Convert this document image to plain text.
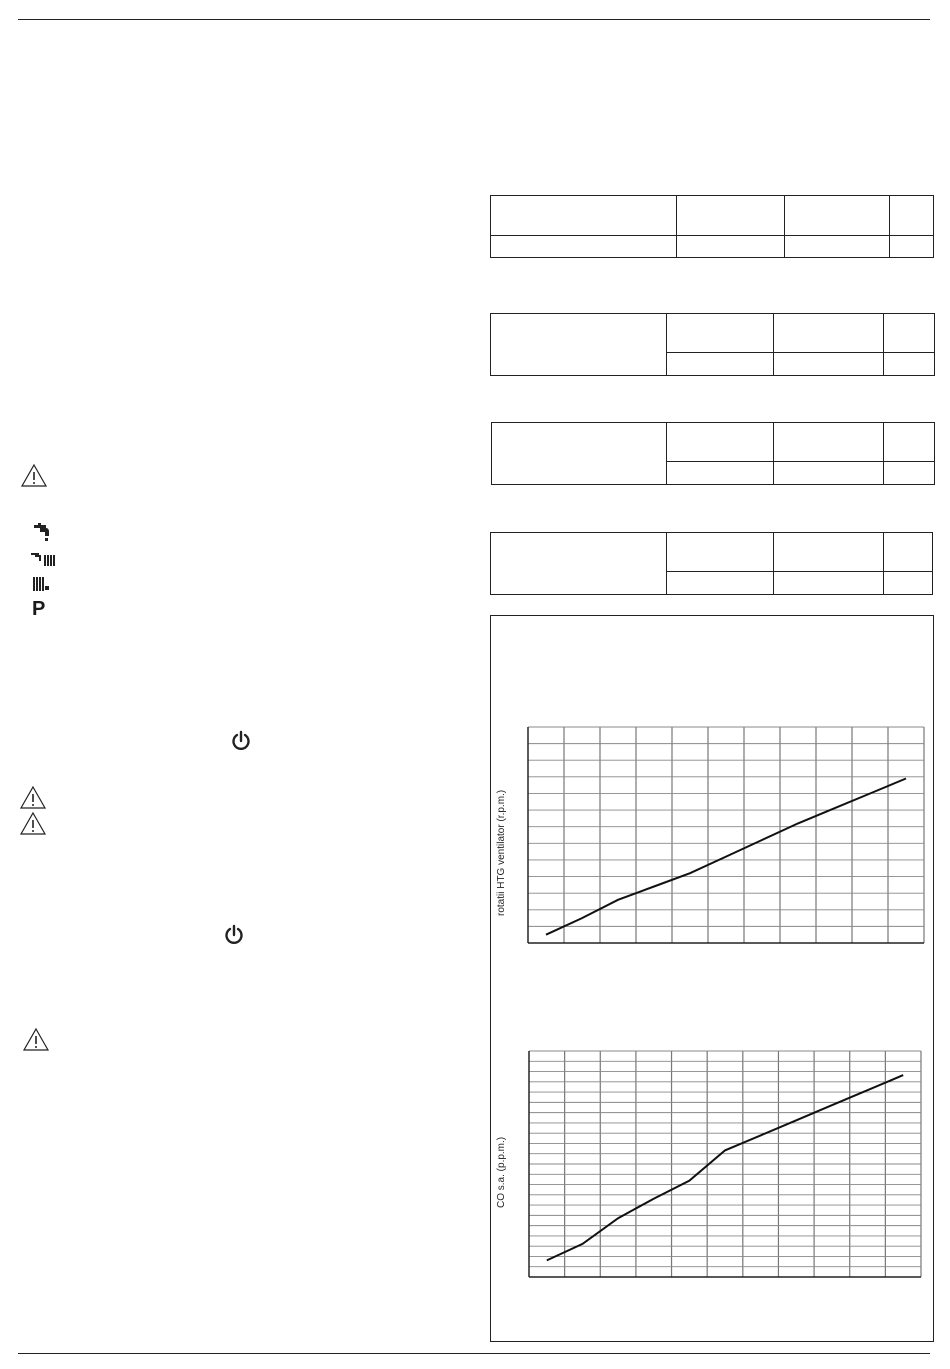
P

rotatii HTG ventilator (r.p.m.)
CO s.a. (p.p.m.)
